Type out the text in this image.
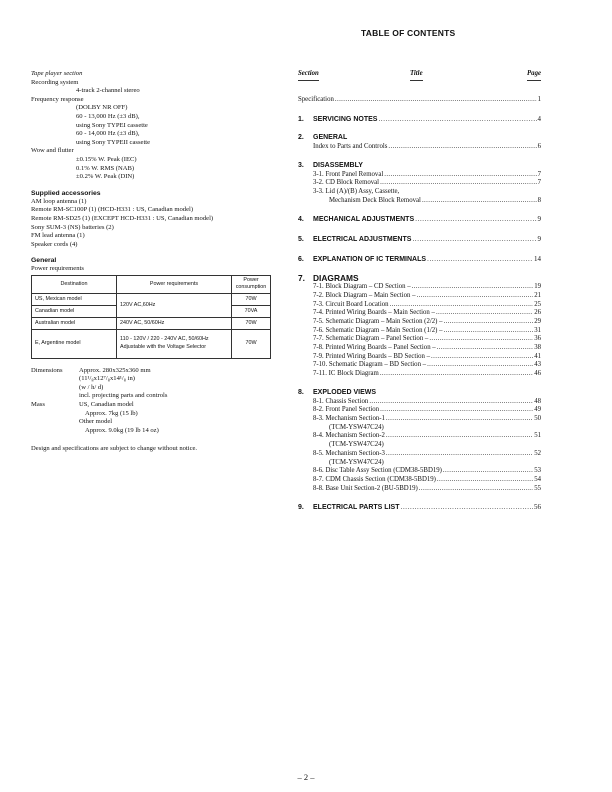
TABLE OF CONTENTS
Tape player section
Recording system
4-track 2-channel stereo
Frequency response
(DOLBY NR OFF)
60 - 13,000 Hz (±3 dB),
using Sony TYPEI cassette
60 - 14,000 Hz (±3 dB),
using Sony TYPEII cassette
Wow and flutter
±0.15% W. Peak (IEC)
0.1% W. RMS (NAB)
±0.2% W. Peak (DIN)
Supplied accessories
AM loop antenna (1)
Remote RM-SC100P (1) (HCD-H331 : US, Canadian model)
Remote RM-SD25 (1) (EXCEPT HCD-H331 : US, Canadian model)
Sony SUM-3 (NS) batteries (2)
FM lead antenna (1)
Speaker cords (4)
General
Power requirements
Destination	Power requirements	Power consumption
US, Mexican model	120V AC,60Hz	70W
Canadian model		70VA
Australian model	240V AC, 50/60Hz	70W
E, Argentine model	110 - 120V / 220 - 240V AC, 50/60Hz Adjustable with the Voltage Selector	70W
Dimensions	Approx. 280x325x360 mm
(11¹/₈x12⁷/₈x14¹/₈ in)
(w / h/ d)
incl. projecting parts and controls
Mass	US, Canadian model
Approx. 7kg (15 lb)
Other model
Approx. 9.0kg (19 lb 14 oz)
Design and specifications are subject to change without notice.
Section	Title	Page
Specification .....	1
1.	SERVICING NOTES .....	4
2.	GENERAL
Index to Parts and Controls .....	6
3.	DISASSEMBLY
3-1. Front Panel Removal .....	7
3-2. CD Block Removal .....	7
3-3. Lid (A)/(B) Assy, Cassette,
Mechanism Deck Block Removal .....	8
4.	MECHANICAL ADJUSTMENTS .....	9
5.	ELECTRICAL ADJUSTMENTS .....	9
6.	EXPLANATION OF IC TERMINALS .....	14
7. DIAGRAMS
7-1. Block Diagram – CD Section – .....	19
7-2. Block Diagram – Main Section – .....	21
7-3. Circuit Board Location .....	25
7-4. Printed Wiring Boards – Main Section – .....	26
7-5. Schematic Diagram – Main Section (2/2) – .....	29
7-6. Schematic Diagram – Main Section (1/2) – .....	31
7-7. Schematic Diagram – Panel Section – .....	36
7-8. Printed Wiring Boards – Panel Section – .....	38
7-9. Printed Wiring Boards – BD Section – .....	41
7-10. Schematic Diagram – BD Section – .....	43
7-11. IC Block Diagram .....	46
8.	EXPLODED VIEWS
8-1. Chassis Section .....	48
8-2. Front Panel Section .....	49
8-3. Mechanism Section-1 .....	50
(TCM-YSW47C24)
8-4. Mechanism Section-2 .....	51
(TCM-YSW47C24)
8-5. Mechanism Section-3 .....	52
(TCM-YSW47C24)
8-6. Disc Table Assy Section (CDM38-5BD19) .....	53
8-7. CDM Chassis Section (CDM38-5BD19) .....	54
8-8. Base Unit Section-2 (BU-5BD19) .....	55
9.	ELECTRICAL PARTS LIST .....	56
– 2 –
